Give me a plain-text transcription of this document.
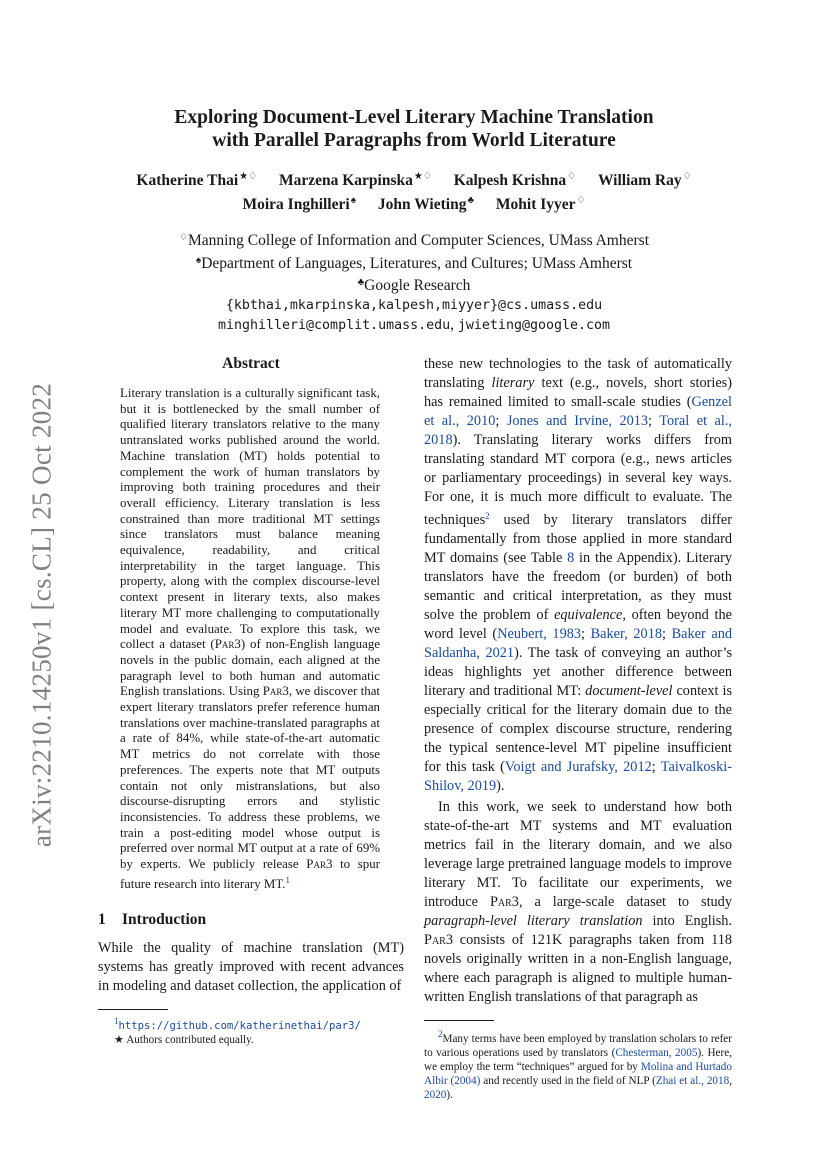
arXiv:2210.14250v1 [cs.CL] 25 Oct 2022
Exploring Document-Level Literary Machine Translation
with Parallel Paragraphs from World Literature
Katherine Thai★♢ Marzena Karpinska★♢ Kalpesh Krishna♢ William Ray♢
Moira Inghilleri♠ John Wieting♣ Mohit Iyyer♢
♢Manning College of Information and Computer Sciences, UMass Amherst
♠Department of Languages, Literatures, and Cultures; UMass Amherst
♣Google Research
{kbthai,mkarpinska,kalpesh,miyyer}@cs.umass.edu
minghilleri@complit.umass.edu, jwieting@google.com
Abstract
Literary translation is a culturally significant task, but it is bottlenecked by the small number of qualified literary translators relative to the many untranslated works published around the world. Machine translation (MT) holds potential to complement the work of human translators by improving both training procedures and their overall efficiency. Literary translation is less constrained than more traditional MT settings since translators must balance meaning equivalence, readability, and critical interpretability in the target language. This property, along with the complex discourse-level context present in literary texts, also makes literary MT more challenging to computationally model and evaluate. To explore this task, we collect a dataset (Par3) of non-English language novels in the public domain, each aligned at the paragraph level to both human and automatic English translations. Using Par3, we discover that expert literary translators prefer reference human translations over machine-translated paragraphs at a rate of 84%, while state-of-the-art automatic MT metrics do not correlate with those preferences. The experts note that MT outputs contain not only mistranslations, but also discourse-disrupting errors and stylistic inconsistencies. To address these problems, we train a post-editing model whose output is preferred over normal MT output at a rate of 69% by experts. We publicly release Par3 to spur future research into literary MT.$^1$
1 Introduction

While the quality of machine translation (MT) systems has greatly improved with recent advances in modeling and dataset collection, the application of

$^1$https://github.com/katherinethai/par3/
★ Authors contributed equally.

these new technologies to the task of automatically translating literary text (e.g., novels, short stories) has remained limited to small-scale studies (Genzel et al., 2010; Jones and Irvine, 2013; Toral et al., 2018). Translating literary works differs from translating standard MT corpora (e.g., news articles or parliamentary proceedings) in several key ways. For one, it is much more difficult to evaluate. The techniques$^2$ used by literary translators differ fundamentally from those applied in more standard MT domains (see Table 8 in the Appendix). Literary translators have the freedom (or burden) of both semantic and critical interpretation, as they must solve the problem of equivalence, often beyond the word level (Neubert, 1983; Baker, 2018; Baker and Saldanha, 2021). The task of conveying an author’s ideas highlights yet another difference between literary and traditional MT: document-level context is especially critical for the literary domain due to the presence of complex discourse structure, rendering the typical sentence-level MT pipeline insufficient for this task (Voigt and Jurafsky, 2012; Taivalkoski-Shilov, 2019).

In this work, we seek to understand how both state-of-the-art MT systems and MT evaluation metrics fail in the literary domain, and we also leverage large pretrained language models to improve literary MT. To facilitate our experiments, we introduce Par3, a large-scale dataset to study paragraph-level literary translation into English. Par3 consists of 121K paragraphs taken from 118 novels originally written in a non-English language, where each paragraph is aligned to multiple human-written English translations of that paragraph as

$^2$Many terms have been employed by translation scholars to refer to various operations used by translators (Chesterman, 2005). Here, we employ the term “techniques” argued for by Molina and Hurtado Albir (2004) and recently used in the field of NLP (Zhai et al., 2018, 2020).
